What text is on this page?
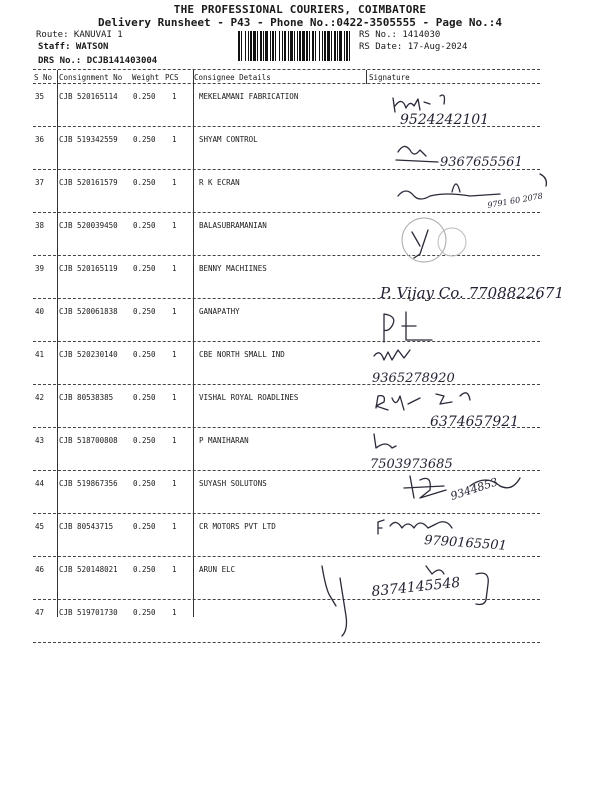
THE PROFESSIONAL COURIERS, COIMBATORE
Delivery Runsheet - P43 - Phone No.:0422-3505555 - Page No.:4
Route: KANUVAI 1
Staff: WATSON
DRS No.: DCJB141403004
RS No.: 1414030
RS Date: 17-Aug-2024
S No Consignment No Weight PCS Consignee Details	Signature
35 CJB 520165114 0.250 1	MEKELAMANI FABRICATION
36 CJB 519342559 0.250 1	SHYAM CONTROL
37 CJB 520161579 0.250 1	R K ECRAN
38 CJB 520039450 0.250 1	BALASUBRAMANIAN
39 CJB 520165119 0.250 1	BENNY MACHIINES
40 CJB 520061838 0.250 1	GANAPATHY
41 CJB 520230140 0.250 1	CBE NORTH SMALL IND
42 CJB 80538385	0.250 1	VISHAL ROYAL ROADLINES
43 CJB 518700808 0.250 1	P MANIHARAN
44 CJB 519867356 0.250 1	SUYASH SOLUTONS
45 CJB 80543715	0.250 1	CR MOTORS PVT LTD
46 CJB 520148021 0.250 1	ARUN ELC
47 CJB 519701730 0.250 1
9524242101
9367655561
9791 60 2078
P. Vijay Co. 7708822671
9365278920
6374657921
7503973685
9344853
9790165501
8374145548
